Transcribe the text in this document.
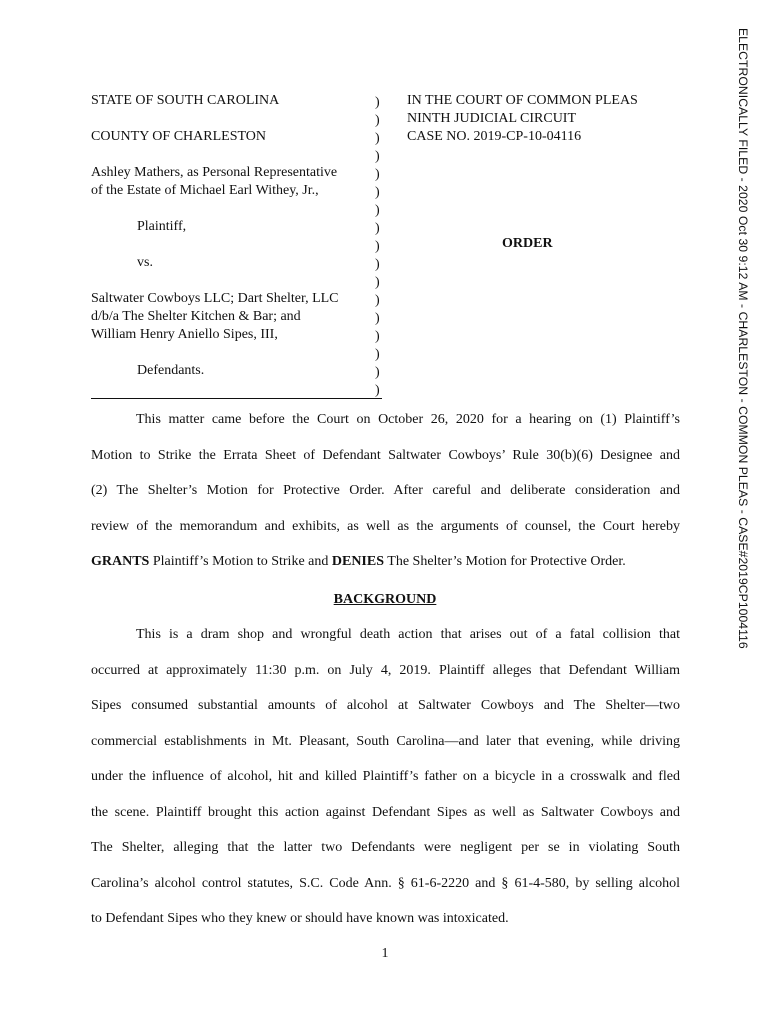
ELECTRONICALLY FILED - 2020 Oct 30 9:12 AM - CHARLESTON - COMMON PLEAS - CASE#2019CP1004116
STATE OF SOUTH CAROLINA
COUNTY OF CHARLESTON
Ashley Mathers, as Personal Representative
of the Estate of Michael Earl Withey, Jr.,
Plaintiff,
vs.
Saltwater Cowboys LLC; Dart Shelter, LLC
d/b/a The Shelter Kitchen & Bar; and
William Henry Aniello Sipes, III,
Defendants.
)
)
)
)
)
)
)
)
)
)
)
)
)
)
)
)
)
IN THE COURT OF COMMON PLEAS
NINTH JUDICIAL CIRCUIT
CASE NO. 2019-CP-10-04116
ORDER
This matter came before the Court on October 26, 2020 for a hearing on (1) Plaintiff’s
Motion to Strike the Errata Sheet of Defendant Saltwater Cowboys’ Rule 30(b)(6) Designee and
(2) The Shelter’s Motion for Protective Order. After careful and deliberate consideration and
review of the memorandum and exhibits, as well as the arguments of counsel, the Court hereby
GRANTS Plaintiff’s Motion to Strike and DENIES The Shelter’s Motion for Protective Order.
BACKGROUND
This is a dram shop and wrongful death action that arises out of a fatal collision that
occurred at approximately 11:30 p.m. on July 4, 2019. Plaintiff alleges that Defendant William
Sipes consumed substantial amounts of alcohol at Saltwater Cowboys and The Shelter—two
commercial establishments in Mt. Pleasant, South Carolina—and later that evening, while driving
under the influence of alcohol, hit and killed Plaintiff’s father on a bicycle in a crosswalk and fled
the scene. Plaintiff brought this action against Defendant Sipes as well as Saltwater Cowboys and
The Shelter, alleging that the latter two Defendants were negligent per se in violating South
Carolina’s alcohol control statutes, S.C. Code Ann. § 61-6-2220 and § 61-4-580, by selling alcohol
to Defendant Sipes who they knew or should have known was intoxicated.
1
